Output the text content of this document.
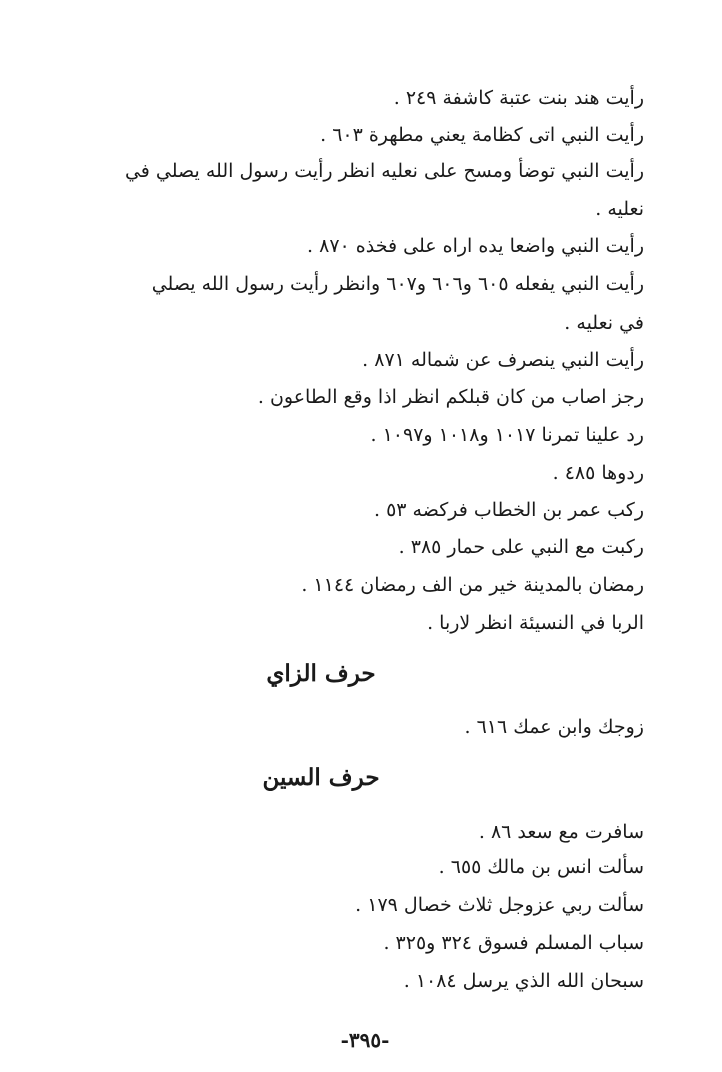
رأيت هند بنت عتبة كاشفة ٢٤٩ .
رأيت النبي اتى كظامة يعني مطهرة ٦٠٣ .
رأيت النبي توضأ ومسح على نعليه انظر رأيت رسول الله يصلي في
نعليه .
رأيت النبي واضعا يده اراه على فخذه ٨٧٠ .
رأيت النبي يفعله ٦٠٥ و٦٠٦ و٦٠٧ وانظر رأيت رسول الله يصلي
في نعليه .
رأيت النبي ينصرف عن شماله ٨٧١ .
رجز اصاب من كان قبلكم انظر اذا وقع الطاعون .
رد علينا تمرنا ١٠١٧ و١٠١٨ و١٠٩٧ .
ردوها ٤٨٥ .
ركب عمر بن الخطاب فركضه ٥٣ .
ركبت مع النبي على حمار ٣٨٥ .
رمضان بالمدينة خير من الف رمضان ١١٤٤ .
الربا في النسيئة انظر لاربا .
حرف الزاي
زوجك وابن عمك ٦١٦ .
حرف السين
سافرت مع سعد ٨٦ .
سألت انس بن مالك ٦٥٥ .
سألت ربي عزوجل ثلاث خصال ١٧٩ .
سباب المسلم فسوق ٣٢٤ و٣٢٥ .
سبحان الله الذي يرسل ١٠٨٤ .
-٣٩٥-
